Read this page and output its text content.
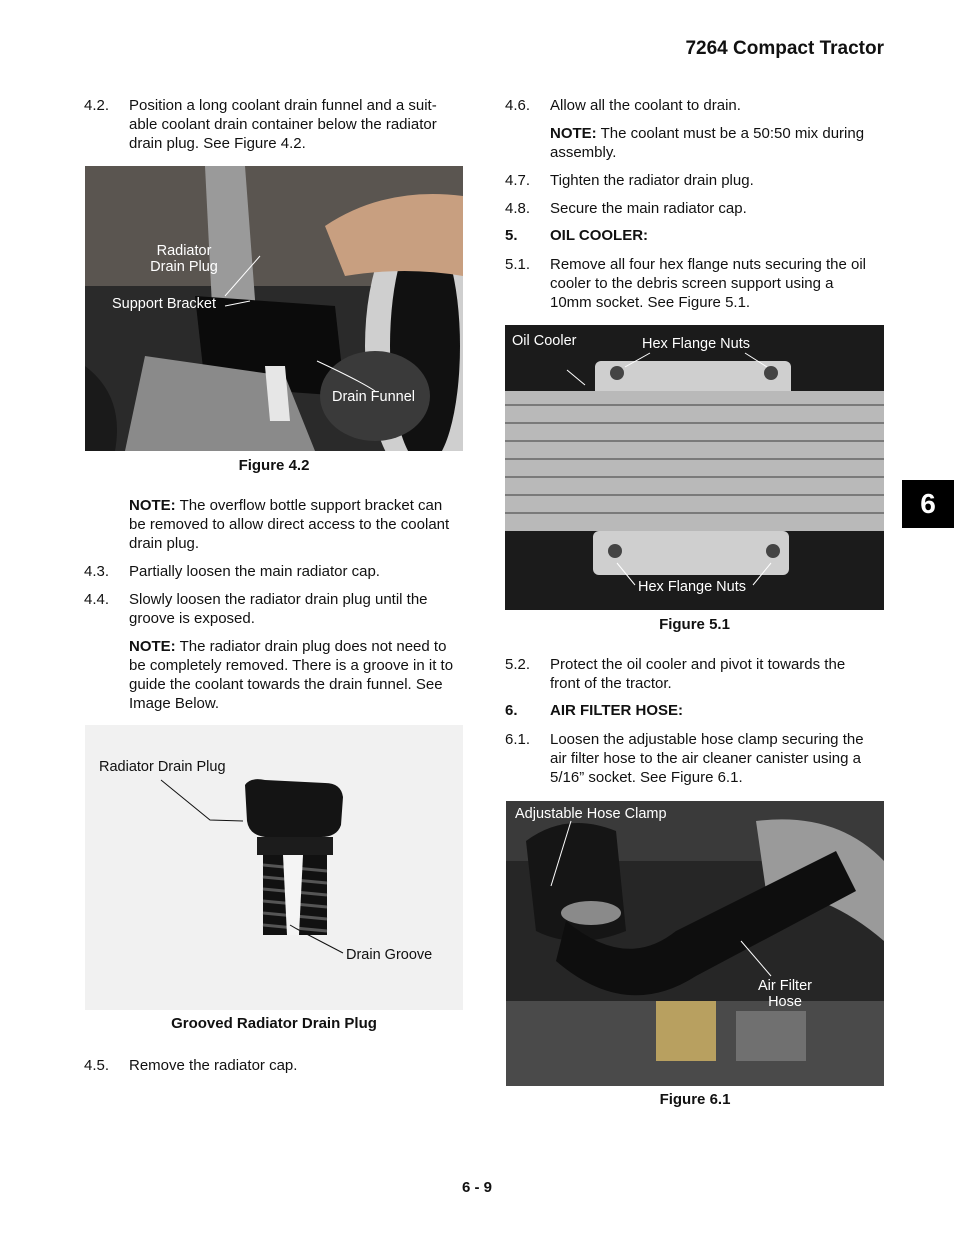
7264 Compact Tractor
6
4.2. Position a long coolant drain funnel and a suit-
able coolant drain container below the radiator
drain plug. See Figure 4.2.
Radiator
Drain Plug
Support Bracket
Drain Funnel
Figure 4.2
NOTE: The overflow bottle support bracket can
be removed to allow direct access to the coolant
drain plug.
4.3. Partially loosen the main radiator cap.
4.4. Slowly loosen the radiator drain plug until the
groove is exposed.
NOTE: The radiator drain plug does not need to
be completely removed. There is a groove in it to
guide the coolant towards the drain funnel. See
Image Below.
Radiator Drain Plug
Drain Groove
Grooved Radiator Drain Plug
4.5. Remove the radiator cap.
4.6. Allow all the coolant to drain.
NOTE: The coolant must be a 50:50 mix during
assembly.
4.7. Tighten the radiator drain plug.
4.8. Secure the main radiator cap.
5. OIL COOLER:
5.1. Remove all four hex flange nuts securing the oil
cooler to the debris screen support using a
10mm socket. See Figure 5.1.
Oil Cooler	Hex Flange Nuts
Hex Flange Nuts
Figure 5.1
5.2. Protect the oil cooler and pivot it towards the
front of the tractor.
6. AIR FILTER HOSE:
6.1. Loosen the adjustable hose clamp securing the
air filter hose to the air cleaner canister using a
5/16” socket. See Figure 6.1.
Adjustable Hose Clamp
Air Filter
Hose
Figure 6.1
6 - 9
